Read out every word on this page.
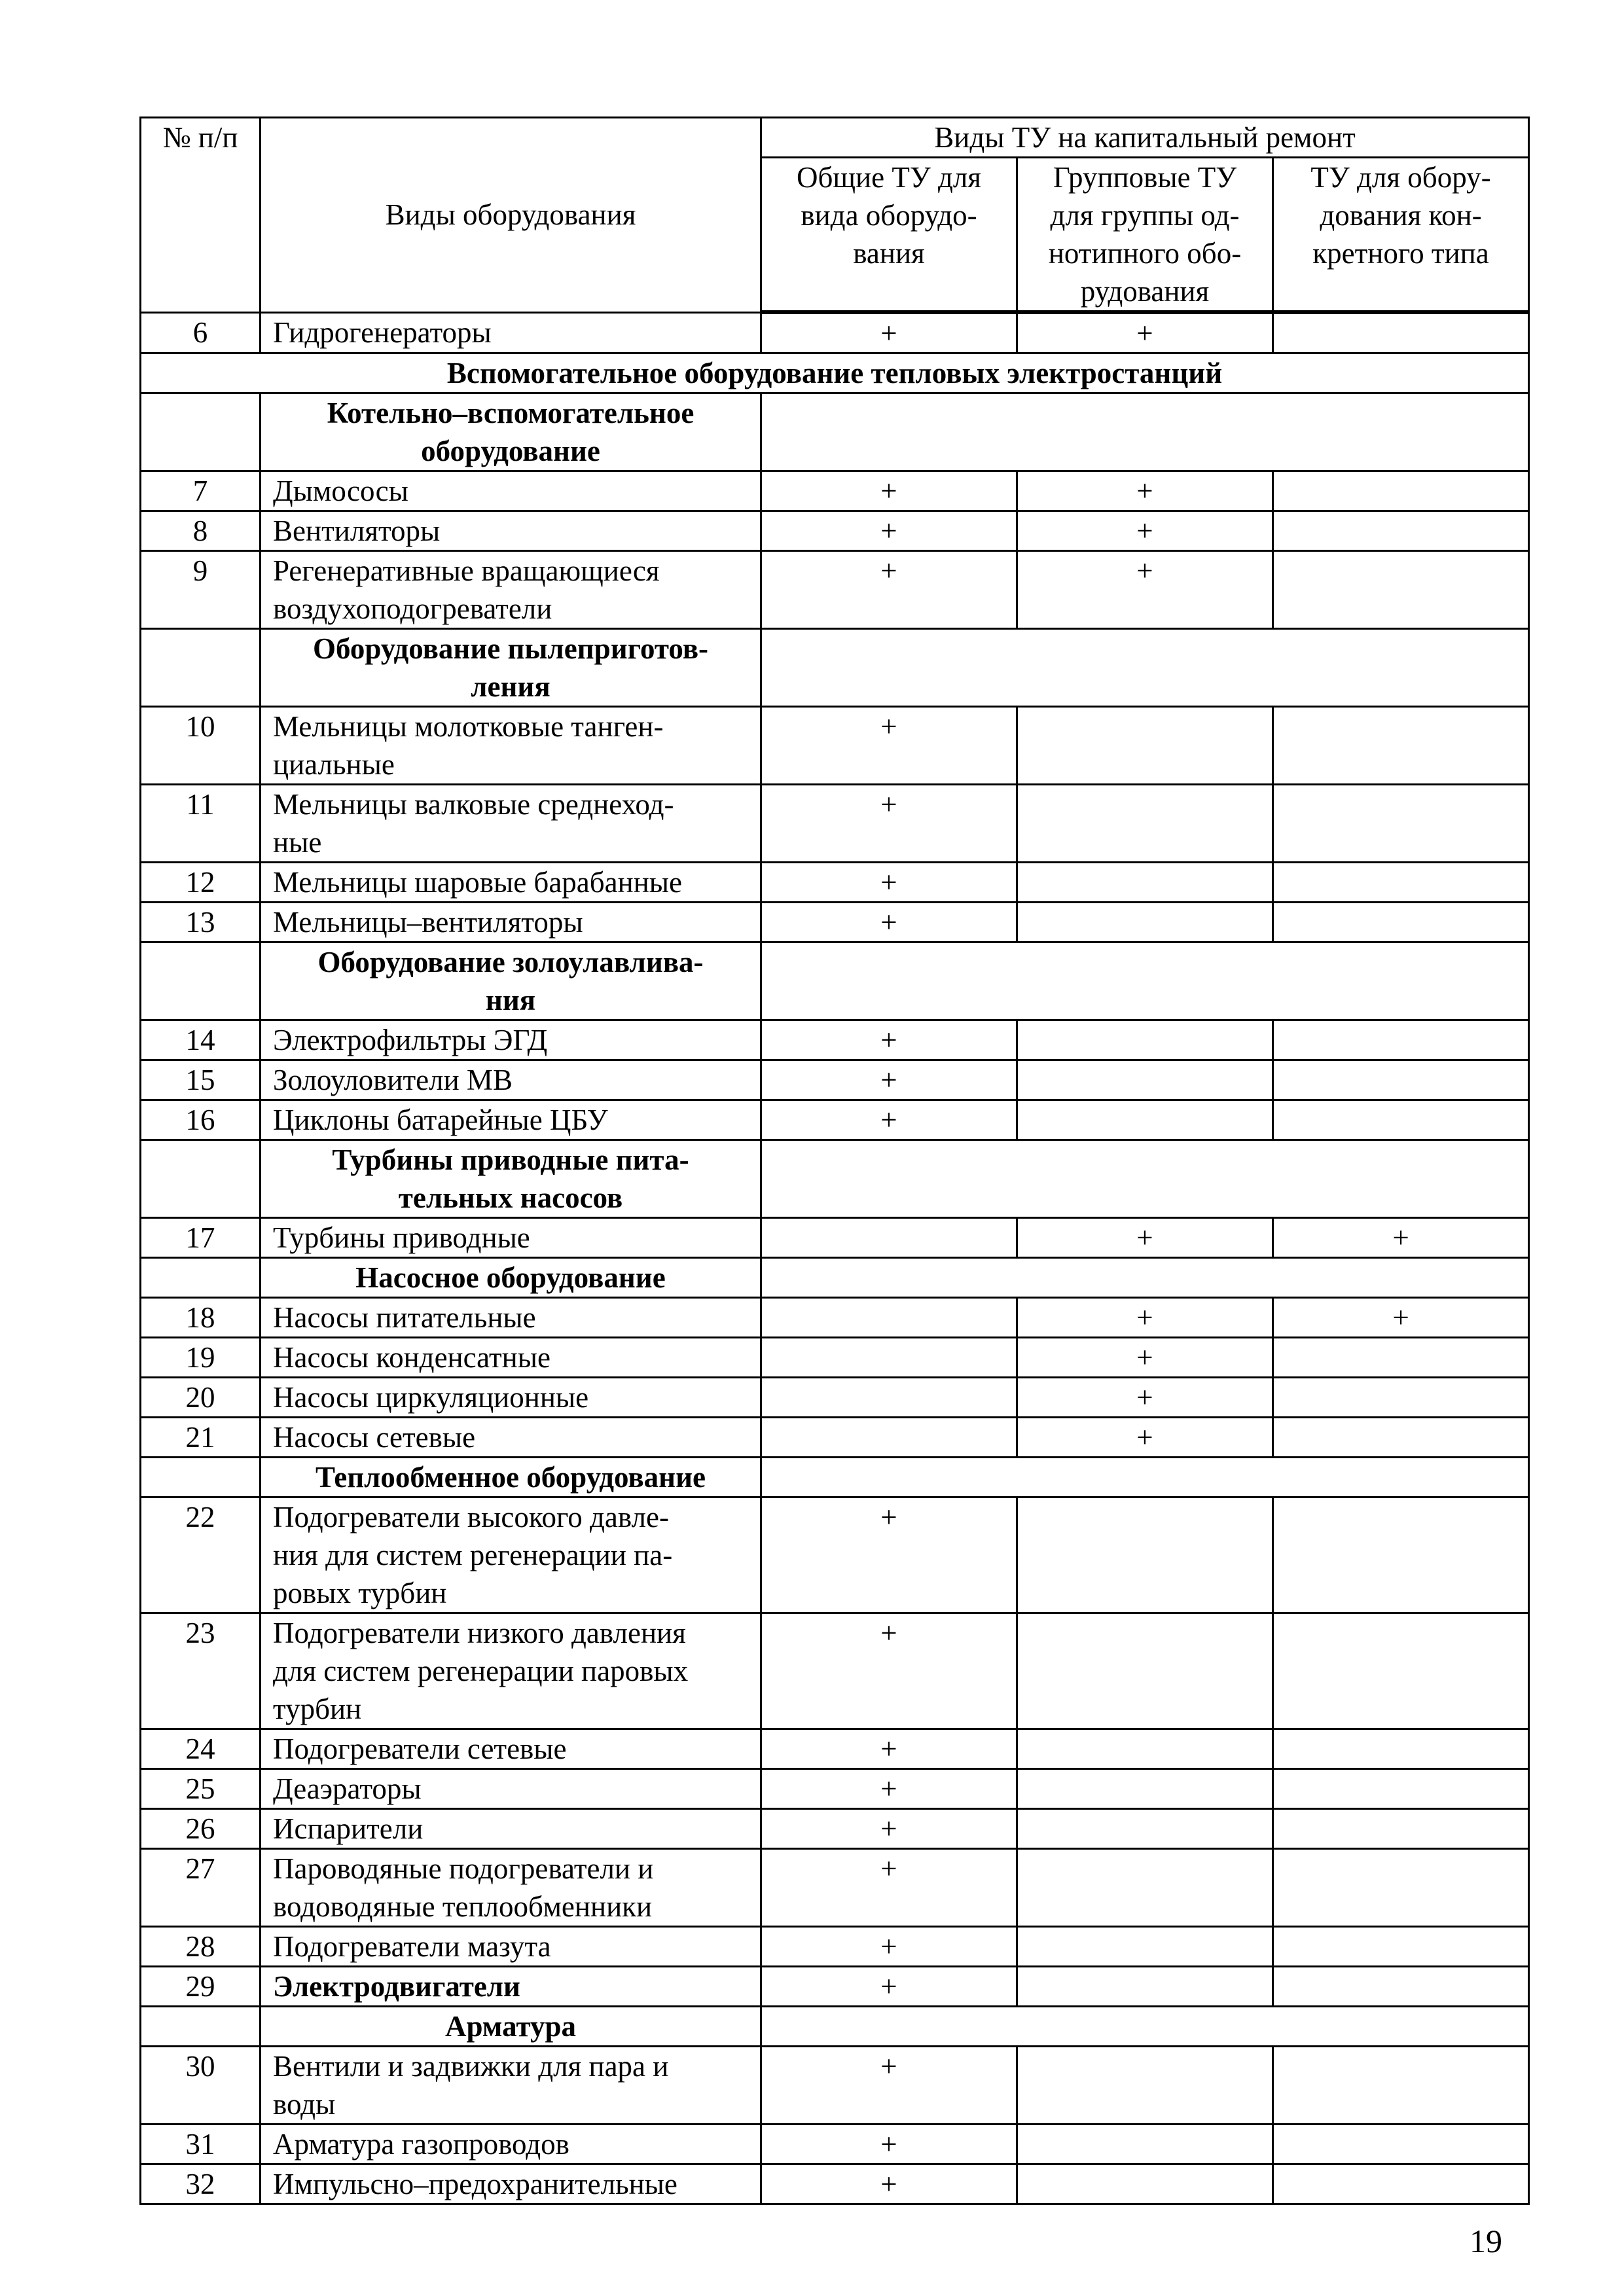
№ п/п	Виды оборудования	Виды ТУ на капитальный ремонт		
		Общие ТУ для
вида оборудо-
вания	Групповые ТУ
для группы од-
нотипного обо-
рудования	ТУ для обору-
дования кон-
кретного типа
6	Гидрогенераторы	+	+	
Вспомогательное оборудование тепловых электростанций				
	Котельно–вспомогательное
оборудование			
7	Дымососы	+	+	
8	Вентиляторы	+	+	
9	Регенеративные вращающиеся
воздухоподогреватели	+	+	
	Оборудование пылеприготов-
ления			
10	Мельницы молотковые танген-
циальные	+		
11	Мельницы валковые среднеход-
ные	+		
12	Мельницы шаровые барабанные	+		
13	Мельницы–вентиляторы	+		
	Оборудование золоулавлива-
ния			
14	Электрофильтры ЭГД	+		
15	Золоуловители МВ	+		
16	Циклоны батарейные ЦБУ	+		
	Турбины приводные пита-
тельных насосов			
17	Турбины приводные		+	+
	Насосное оборудование			
18	Насосы питательные		+	+
19	Насосы конденсатные		+	
20	Насосы циркуляционные		+	
21	Насосы сетевые		+	
	Теплообменное оборудование			
22	Подогреватели высокого давле-
ния для систем регенерации па-
ровых турбин	+		
23	Подогреватели низкого давления
для систем регенерации паровых
турбин	+		
24	Подогреватели сетевые	+		
25	Деаэраторы	+		
26	Испарители	+		
27	Пароводяные подогреватели и
водоводяные теплообменники	+		
28	Подогреватели мазута	+		
29	Электродвигатели	+		
	Арматура			
30	Вентили и задвижки для пара и
воды	+		
31	Арматура газопроводов	+		
32	Импульсно–предохранительные	+		
19
